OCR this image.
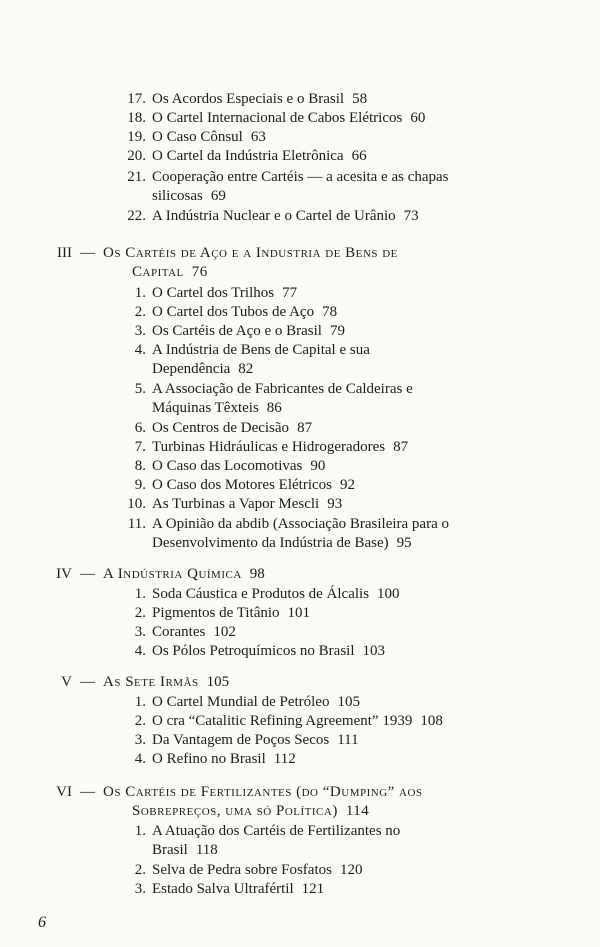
17. Os Acordos Especiais e o Brasil 58
18. O Cartel Internacional de Cabos Elétricos 60
19. O Caso Cônsul 63
20. O Cartel da Indústria Eletrônica 66
21. Cooperação entre Cartéis — a acesita e as chapas
silicosas 69
22. A Indústria Nuclear e o Cartel de Urânio 73
III — Os Cartéis de Aço e a Industria de Bens de
Capital 76
1. O Cartel dos Trilhos 77
2. O Cartel dos Tubos de Aço 78
3. Os Cartéis de Aço e o Brasil 79
4. A Indústria de Bens de Capital e sua
Dependência 82
5. A Associação de Fabricantes de Caldeiras e
Máquinas Têxteis 86
6. Os Centros de Decisão 87
7. Turbinas Hidráulicas e Hidrogeradores 87
8. O Caso das Locomotivas 90
9. O Caso dos Motores Elétricos 92
10. As Turbinas a Vapor Mescli 93
11. A Opinião da abdib (Associação Brasileira para o
Desenvolvimento da Indústria de Base) 95
IV — A Indústria Química 98
1. Soda Cáustica e Produtos de Álcalis 100
2. Pigmentos de Titânio 101
3. Corantes 102
4. Os Pólos Petroquímicos no Brasil 103
V — As Sete Irmãs 105
1. O Cartel Mundial de Petróleo 105
2. O cra “Catalitic Refining Agreement” 1939 108
3. Da Vantagem de Poços Secos 111
4. O Refino no Brasil 112
VI — Os Cartéis de Fertilizantes (do “Dumping” aos
Sobrepreços, uma só Política) 114
1. A Atuação dos Cartéis de Fertilizantes no
Brasil 118
2. Selva de Pedra sobre Fosfatos 120
3. Estado Salva Ultrafértil 121
6
